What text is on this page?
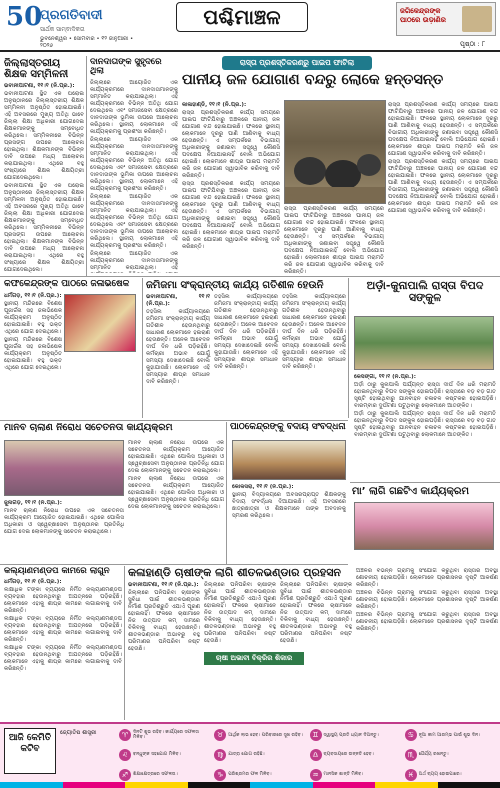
50
ପ୍ରଗତିବାଦୀ
ସାର୍ଥକ ସାମ୍ବାଦିକତା
ଭୁବନେଶ୍ୱର • ସୋମବାର • ୧୨ ଜାନୁଆରୀ • ୨୦୨୬
ପଶ୍ଚିମାଞ୍ଚଳ	ଜଗିକେନ୍ଦ୍ରଙ୍କ ପାଠରେ ଉଡ଼ାଣିର
ପୃଷ୍ଠା : ୮
ଜିଲ୍ଲାସ୍ତରୀୟ ଶିକ୍ଷକ ସମ୍ମିଳନୀ

ଭବାନୀପାଟଣା, ୧୧।୧ (ନି.ପ୍ର.):

ଭବାନୀପାଟଣା ସ୍ଥିତ ଏକ ଘରୋଇ ଅନୁଷ୍ଠାନରେ ଜିଲ୍ଲାସ୍ତରୀୟ ଶିକ୍ଷକ ସମ୍ମିଳନୀ ଅନୁଷ୍ଠିତ ହୋଇଯାଇଛି। ଏହି ଅବସରରେ ମୁଖ୍ୟ ଅତିଥି ଭାବେ ଜିଲ୍ଲା ଶିକ୍ଷା ଅଧିକାରୀ ଯୋଗଦେଇ ଶିକ୍ଷକମାନଙ୍କୁ ସମ୍ବୋଧିତ କରିଥିଲେ। ସମ୍ମିଳନୀରେ ବିଭିନ୍ନ ପ୍ରସଙ୍ଗ ଉପରେ ଆଲୋଚନା ହୋଇଥିଲା। ଶିକ୍ଷକମାନଙ୍କ ବିଭିନ୍ନ ଦାବି ଉପରେ ମଧ୍ୟ ଆଲୋଚନା କରାଯାଇଥିଲା। ଏଥିରେ ବହୁ ସଂଖ୍ୟାରେ ଶିକ୍ଷକ ଶିକ୍ଷୟିତ୍ରୀ ଯୋଗଦେଇଥିଲେ।

ଭବାନୀପାଟଣା ସ୍ଥିତ ଏକ ଘରୋଇ ଅନୁଷ୍ଠାନରେ ଜିଲ୍ଲାସ୍ତରୀୟ ଶିକ୍ଷକ ସମ୍ମିଳନୀ ଅନୁଷ୍ଠିତ ହୋଇଯାଇଛି। ଏହି ଅବସରରେ ମୁଖ୍ୟ ଅତିଥି ଭାବେ ଜିଲ୍ଲା ଶିକ୍ଷା ଅଧିକାରୀ ଯୋଗଦେଇ ଶିକ୍ଷକମାନଙ୍କୁ ସମ୍ବୋଧିତ କରିଥିଲେ। ସମ୍ମିଳନୀରେ ବିଭିନ୍ନ ପ୍ରସଙ୍ଗ ଉପରେ ଆଲୋଚନା ହୋଇଥିଲା। ଶିକ୍ଷକମାନଙ୍କ ବିଭିନ୍ନ ଦାବି ଉପରେ ମଧ୍ୟ ଆଲୋଚନା କରାଯାଇଥିଲା। ଏଥିରେ ବହୁ ସଂଖ୍ୟାରେ ଶିକ୍ଷକ ଶିକ୍ଷୟିତ୍ରୀ ଯୋଗଦେଇଥିଲେ।

ଦାନଦାତାଙ୍କ ସୁହୃଦରେ ଥିଲା

ଜିଲ୍ଲାରେ ଆୟୋଜିତ ଏକ କାର୍ଯ୍ୟକ୍ରମରେ ଦାନଦାତାମାନଙ୍କୁ ସମ୍ମାନିତ କରାଯାଇଥିଲା। ଏହି କାର୍ଯ୍ୟକ୍ରମରେ ବିଭିନ୍ନ ଅତିଥି ଯୋଗ ଦେଇଥିଲେ ଏବଂ ସମାଜସେବା କ୍ଷେତ୍ରରେ ଦାନଦାତାଙ୍କ ଭୂମିକା ଉପରେ ଆଲୋଚନା କରିଥିଲେ। ସ୍ଥାନୀୟ ଲୋକମାନେ ଏହି କାର୍ଯ୍ୟକ୍ରମକୁ ପ୍ରଶଂସା କରିଛନ୍ତି।

ଜିଲ୍ଲାରେ ଆୟୋଜିତ ଏକ କାର୍ଯ୍ୟକ୍ରମରେ ଦାନଦାତାମାନଙ୍କୁ ସମ୍ମାନିତ କରାଯାଇଥିଲା। ଏହି କାର୍ଯ୍ୟକ୍ରମରେ ବିଭିନ୍ନ ଅତିଥି ଯୋଗ ଦେଇଥିଲେ ଏବଂ ସମାଜସେବା କ୍ଷେତ୍ରରେ ଦାନଦାତାଙ୍କ ଭୂମିକା ଉପରେ ଆଲୋଚନା କରିଥିଲେ। ସ୍ଥାନୀୟ ଲୋକମାନେ ଏହି କାର୍ଯ୍ୟକ୍ରମକୁ ପ୍ରଶଂସା କରିଛନ୍ତି।

ଜିଲ୍ଲାରେ ଆୟୋଜିତ ଏକ କାର୍ଯ୍ୟକ୍ରମରେ ଦାନଦାତାମାନଙ୍କୁ ସମ୍ମାନିତ କରାଯାଇଥିଲା। ଏହି କାର୍ଯ୍ୟକ୍ରମରେ ବିଭିନ୍ନ ଅତିଥି ଯୋଗ ଦେଇଥିଲେ ଏବଂ ସମାଜସେବା କ୍ଷେତ୍ରରେ ଦାନଦାତାଙ୍କ ଭୂମିକା ଉପରେ ଆଲୋଚନା କରିଥିଲେ। ସ୍ଥାନୀୟ ଲୋକମାନେ ଏହି କାର୍ଯ୍ୟକ୍ରମକୁ ପ୍ରଶଂସା କରିଛନ୍ତି।

ଜିଲ୍ଲାରେ ଆୟୋଜିତ ଏକ କାର୍ଯ୍ୟକ୍ରମରେ ଦାନଦାତାମାନଙ୍କୁ ସମ୍ମାନିତ କରାଯାଇଥିଲା। ଏହି

ରାସ୍ତା ପ୍ରଶସ୍ତିକରଣରୁ ପାଇପ ଫାଟିଲା
ପାନୀୟ ଜଳ ଯୋଗାଣ ବନ୍ଦରୁ ଲୋକେ ହନ୍ତସନ୍ତ

କାଳାହାଣ୍ଡି, ୧୧।୧ (ନି.ପ୍ର.):

ରାସ୍ତା ପ୍ରଶସ୍ତିକରଣ କାର୍ଯ୍ୟ ସମୟରେ ପାଇପ ଫାଟିଯିବାରୁ ଅଞ୍ଚଳରେ ପାନୀୟ ଜଳ ଯୋଗାଣ ବନ୍ଦ ହୋଇଯାଇଛି। ଫଳରେ ସ୍ଥାନୀୟ ଲୋକମାନେ ଦୂରରୁ ପାଣି ଆଣିବାକୁ ବାଧ୍ୟ ହେଉଛନ୍ତି। ଏ ସମ୍ପର୍କରେ ବିଭାଗୀୟ ଅଧିକାରୀଙ୍କୁ ଜଣାଇବା ସତ୍ତ୍ୱେ କୌଣସି ପଦକ୍ଷେପ ନିଆଯାଇନାହିଁ ବୋଲି ଅଭିଯୋଗ ହୋଇଛି। ଲୋକମାନେ ଶୀଘ୍ର ପାଇପ ମରାମତି କରି ଜଳ ଯୋଗାଣ ସ୍ୱାଭାବିକ କରିବାକୁ ଦାବି କରିଛନ୍ତି।

ରାସ୍ତା ପ୍ରଶସ୍ତିକରଣ କାର୍ଯ୍ୟ ସମୟରେ ପାଇପ ଫାଟିଯିବାରୁ ଅଞ୍ଚଳରେ ପାନୀୟ ଜଳ ଯୋଗାଣ ବନ୍ଦ ହୋଇଯାଇଛି। ଫଳରେ ସ୍ଥାନୀୟ ଲୋକମାନେ ଦୂରରୁ ପାଣି ଆଣିବାକୁ ବାଧ୍ୟ ହେଉଛନ୍ତି। ଏ ସମ୍ପର୍କରେ ବିଭାଗୀୟ ଅଧିକାରୀଙ୍କୁ ଜଣାଇବା ସତ୍ତ୍ୱେ କୌଣସି ପଦକ୍ଷେପ ନିଆଯାଇନାହିଁ ବୋଲି ଅଭିଯୋଗ ହୋଇଛି। ଲୋକମାନେ ଶୀଘ୍ର ପାଇପ ମରାମତି କରି ଜଳ ଯୋଗାଣ ସ୍ୱାଭାବିକ କରିବାକୁ ଦାବି କରିଛନ୍ତି।

ରାସ୍ତା ପ୍ରଶସ୍ତିକରଣ କାର୍ଯ୍ୟ ସମୟରେ ପାଇପ ଫାଟିଯିବାରୁ ଅଞ୍ଚଳରେ ପାନୀୟ ଜଳ ଯୋଗାଣ ବନ୍ଦ ହୋଇଯାଇଛି। ଫଳରେ ସ୍ଥାନୀୟ ଲୋକମାନେ ଦୂରରୁ ପାଣି ଆଣିବାକୁ ବାଧ୍ୟ ହେଉଛନ୍ତି। ଏ ସମ୍ପର୍କରେ ବିଭାଗୀୟ ଅଧିକାରୀଙ୍କୁ ଜଣାଇବା ସତ୍ତ୍ୱେ କୌଣସି ପଦକ୍ଷେପ ନିଆଯାଇନାହିଁ ବୋଲି ଅଭିଯୋଗ ହୋଇଛି। ଲୋକମାନେ ଶୀଘ୍ର ପାଇପ ମରାମତି କରି ଜଳ ଯୋଗାଣ ସ୍ୱାଭାବିକ କରିବାକୁ ଦାବି କରିଛନ୍ତି।

ରାସ୍ତା ପ୍ରଶସ୍ତିକରଣ କାର୍ଯ୍ୟ ସମୟରେ ପାଇପ ଫାଟିଯିବାରୁ ଅଞ୍ଚଳରେ ପାନୀୟ ଜଳ ଯୋଗାଣ ବନ୍ଦ ହୋଇଯାଇଛି। ଫଳରେ ସ୍ଥାନୀୟ ଲୋକମାନେ ଦୂରରୁ ପାଣି ଆଣିବାକୁ ବାଧ୍ୟ ହେଉଛନ୍ତି। ଏ ସମ୍ପର୍କରେ ବିଭାଗୀୟ ଅଧିକାରୀଙ୍କୁ ଜଣାଇବା ସତ୍ତ୍ୱେ କୌଣସି ପଦକ୍ଷେପ ନିଆଯାଇନାହିଁ ବୋଲି ଅଭିଯୋଗ ହୋଇଛି। ଲୋକମାନେ ଶୀଘ୍ର ପାଇପ ମରାମତି କରି ଜଳ ଯୋଗାଣ ସ୍ୱାଭାବିକ କରିବାକୁ ଦାବି କରିଛନ୍ତି।

ରାସ୍ତା ପ୍ରଶସ୍ତିକରଣ କାର୍ଯ୍ୟ ସମୟରେ ପାଇପ ଫାଟିଯିବାରୁ ଅଞ୍ଚଳରେ ପାନୀୟ ଜଳ ଯୋଗାଣ ବନ୍ଦ ହୋଇଯାଇଛି। ଫଳରେ ସ୍ଥାନୀୟ ଲୋକମାନେ ଦୂରରୁ ପାଣି ଆଣିବାକୁ ବାଧ୍ୟ ହେଉଛନ୍ତି। ଏ ସମ୍ପର୍କରେ ବିଭାଗୀୟ ଅଧିକାରୀଙ୍କୁ ଜଣାଇବା ସତ୍ତ୍ୱେ କୌଣସି ପଦକ୍ଷେପ ନିଆଯାଇନାହିଁ ବୋଲି ଅଭିଯୋଗ ହୋଇଛି। ଲୋକମାନେ ଶୀଘ୍ର ପାଇପ ମରାମତି କରି ଜଳ ଯୋଗାଣ ସ୍ୱାଭାବିକ କରିବାକୁ ଦାବି କରିଛନ୍ତି।

କଫିକେନ୍ଦ୍ରଙ୍କ ପାଠରେ ଜଳାଭିଷେକ

ଧର୍ମଗଡ଼, ୧୧।୧ (ନି.ପ୍ର.):

ସ୍ଥାନୀୟ ମନ୍ଦିରରେ ବିଶେଷ ପୂଜାର୍ଚ୍ଚନା ସହ ଜଳାଭିଷେକ କାର୍ଯ୍ୟକ୍ରମ ଅନୁଷ୍ଠିତ ହୋଇଯାଇଛି। ବହୁ ଭକ୍ତ ଏଥିରେ ଯୋଗ ଦେଇଥିଲେ।

ସ୍ଥାନୀୟ ମନ୍ଦିରରେ ବିଶେଷ ପୂଜାର୍ଚ୍ଚନା ସହ ଜଳାଭିଷେକ କାର୍ଯ୍ୟକ୍ରମ ଅନୁଷ୍ଠିତ ହୋଇଯାଇଛି। ବହୁ ଭକ୍ତ ଏଥିରେ ଯୋଗ ଦେଇଥିଲେ।

ଜମିଜମା ସଂକ୍ରାନ୍ତୀୟ କାର୍ଯ୍ୟ ଗତିଶୀଳ ହେଉନି

ଭବାନୀପାଟଣା, ୧୧।୧ (ନି.ପ୍ର.):

ତହସିଲ କାର୍ଯ୍ୟାଳୟରେ ଜମିଜମା ସଂକ୍ରାନ୍ତୀୟ କାର୍ଯ୍ୟ ଗତିଶୀଳ ହେଉନଥିବାରୁ ସାଧାରଣ ଲୋକମାନେ ହଇରାଣ ହେଉଛନ୍ତି। ଅନେକ ଆବେଦନ ଦୀର୍ଘ ଦିନ ଧରି ପଡ଼ିରହିଛି। କର୍ମଚାରୀ ଅଭାବ ଯୋଗୁଁ ସମସ୍ୟା ଦେଖାଦେଇଛି ବୋଲି କୁହାଯାଉଛି। ଲୋକମାନେ ଏହି ସମସ୍ୟାର ଶୀଘ୍ର ସମାଧାନ ଦାବି କରିଛନ୍ତି।

ତହସିଲ କାର୍ଯ୍ୟାଳୟରେ ଜମିଜମା ସଂକ୍ରାନ୍ତୀୟ କାର୍ଯ୍ୟ ଗତିଶୀଳ ହେଉନଥିବାରୁ ସାଧାରଣ ଲୋକମାନେ ହଇରାଣ ହେଉଛନ୍ତି। ଅନେକ ଆବେଦନ ଦୀର୍ଘ ଦିନ ଧରି ପଡ଼ିରହିଛି। କର୍ମଚାରୀ ଅଭାବ ଯୋଗୁଁ ସମସ୍ୟା ଦେଖାଦେଇଛି ବୋଲି କୁହାଯାଉଛି। ଲୋକମାନେ ଏହି ସମସ୍ୟାର ଶୀଘ୍ର ସମାଧାନ ଦାବି କରିଛନ୍ତି।

ତହସିଲ କାର୍ଯ୍ୟାଳୟରେ ଜମିଜମା ସଂକ୍ରାନ୍ତୀୟ କାର୍ଯ୍ୟ ଗତିଶୀଳ ହେଉନଥିବାରୁ ସାଧାରଣ ଲୋକମାନେ ହଇରାଣ ହେଉଛନ୍ତି। ଅନେକ ଆବେଦନ ଦୀର୍ଘ ଦିନ ଧରି ପଡ଼ିରହିଛି। କର୍ମଚାରୀ ଅଭାବ ଯୋଗୁଁ ସମସ୍ୟା ଦେଖାଦେଇଛି ବୋଲି କୁହାଯାଉଛି। ଲୋକମାନେ ଏହି ସମସ୍ୟାର ଶୀଘ୍ର ସମାଧାନ ଦାବି କରିଛନ୍ତି।

ଅର୍ଡ଼ା-କୁନାପାଲି ରାସ୍ତା ବିପଦ ସଙ୍କୁଳ

କେସିଙ୍ଗା, ୧୧।୧ (ନି.ପ୍ର.):

ଅର୍ଡ଼ା ଠାରୁ କୁନାପାଲି ପର୍ଯ୍ୟନ୍ତ ରାସ୍ତା ଦୀର୍ଘ ଦିନ ଧରି ମରାମତି ହୋଇନଥିବାରୁ ବିପଦ ସଙ୍କୁଳ ହୋଇପଡ଼ିଛି। ରାସ୍ତାରେ ବଡ଼ ବଡ଼ ଗାତ ସୃଷ୍ଟି ହୋଇଥିବାରୁ ଯାନବାହନ ଚଳାଚଳ କଷ୍ଟକର ହୋଇପଡ଼ିଛି। ବାରମ୍ବାର ଦୁର୍ଘଟଣା ଘଟୁଥିବାରୁ ଲୋକମାନେ ଆତଙ୍କିତ।

ଅର୍ଡ଼ା ଠାରୁ କୁନାପାଲି ପର୍ଯ୍ୟନ୍ତ ରାସ୍ତା ଦୀର୍ଘ ଦିନ ଧରି ମରାମତି ହୋଇନଥିବାରୁ ବିପଦ ସଙ୍କୁଳ ହୋଇପଡ଼ିଛି। ରାସ୍ତାରେ ବଡ଼ ବଡ଼ ଗାତ ସୃଷ୍ଟି ହୋଇଥିବାରୁ ଯାନବାହନ ଚଳାଚଳ କଷ୍ଟକର ହୋଇପଡ଼ିଛି। ବାରମ୍ବାର ଦୁର୍ଘଟଣା ଘଟୁଥିବାରୁ ଲୋକମାନେ ଆତଙ୍କିତ।

ମାନବ ଚାଲାଣ ନିରୋଧ ସଚେତନତା କାର୍ଯ୍ୟକ୍ରମ

ମାନବ ଚାଲାଣ ନିରୋଧ ଉପରେ ଏକ ସଚେତନତା କାର୍ଯ୍ୟକ୍ରମ ଆୟୋଜିତ ହୋଇଯାଇଛି। ଏଥିରେ ପୋଲିସ ଅଧିକାରୀ ଓ ସ୍ୱେଚ୍ଛାସେବୀ ଅନୁଷ୍ଠାନର ପ୍ରତିନିଧି ଯୋଗ ଦେଇ ଲୋକମାନଙ୍କୁ ସଚେତନ କରାଇଥିଲେ।

ମାନବ ଚାଲାଣ ନିରୋଧ ଉପରେ ଏକ ସଚେତନତା କାର୍ଯ୍ୟକ୍ରମ ଆୟୋଜିତ ହୋଇଯାଇଛି। ଏଥିରେ ପୋଲିସ ଅଧିକାରୀ ଓ ସ୍ୱେଚ୍ଛାସେବୀ ଅନୁଷ୍ଠାନର ପ୍ରତିନିଧି ଯୋଗ ଦେଇ ଲୋକମାନଙ୍କୁ ସଚେତନ କରାଇଥିଲେ।

ଜୁନାଗଡ଼, ୧୧।୧ (ନି.ପ୍ର.):

ମାନବ ଚାଲାଣ ନିରୋଧ ଉପରେ ଏକ ସଚେତନତା କାର୍ଯ୍ୟକ୍ରମ ଆୟୋଜିତ ହୋଇଯାଇଛି। ଏଥିରେ ପୋଲିସ ଅଧିକାରୀ ଓ ସ୍ୱେଚ୍ଛାସେବୀ ଅନୁଷ୍ଠାନର ପ୍ରତିନିଧି ଯୋଗ ଦେଇ ଲୋକମାନଙ୍କୁ ସଚେତନ କରାଇଥିଲେ।

ପାଠକେନ୍ଦ୍ରଙ୍କୁ ବିଦାୟ ସଂବର୍ଦ୍ଧନା

କୋକସରା, ୧୧।୧ (ନି.ପ୍ର.):

ସ୍ଥାନୀୟ ବିଦ୍ୟାଳୟରେ ଅବସରପ୍ରାପ୍ତ ଶିକ୍ଷକଙ୍କୁ ବିଦାୟ ସଂବର୍ଦ୍ଧନା ଦିଆଯାଇଛି। ଏହି ଅବସରରେ ଛାତ୍ରଛାତ୍ରୀ ଓ ଶିକ୍ଷକମାନେ ତାଙ୍କ ଅବଦାନକୁ ସ୍ମରଣ କରିଥିଲେ।

ମା’ ଲାଗି ଗଛଟିଏ କାର୍ଯ୍ୟକ୍ରମ
କଲ୍ୟାଣମଣ୍ଡପ କାମରେ ଲାଗୁନି

ଧର୍ମଗଡ଼, ୧୧।୧ (ନି.ପ୍ର.):

ଲକ୍ଷାଧିକ ଟଙ୍କା ବ୍ୟୟରେ ନିର୍ମିତ କଲ୍ୟାଣମଣ୍ଡପ ବ୍ୟବହାର ହେଉନଥିବାରୁ ଅଯତ୍ନରେ ପଡ଼ିରହିଛି। ଲୋକମାନେ ଏହାକୁ ଶୀଘ୍ର କାମରେ ଲଗାଇବାକୁ ଦାବି କରିଛନ୍ତି।

ଲକ୍ଷାଧିକ ଟଙ୍କା ବ୍ୟୟରେ ନିର୍ମିତ କଲ୍ୟାଣମଣ୍ଡପ ବ୍ୟବହାର ହେଉନଥିବାରୁ ଅଯତ୍ନରେ ପଡ଼ିରହିଛି। ଲୋକମାନେ ଏହାକୁ ଶୀଘ୍ର କାମରେ ଲଗାଇବାକୁ ଦାବି କରିଛନ୍ତି।

ଲକ୍ଷାଧିକ ଟଙ୍କା ବ୍ୟୟରେ ନିର୍ମିତ କଲ୍ୟାଣମଣ୍ଡପ ବ୍ୟବହାର ହେଉନଥିବାରୁ ଅଯତ୍ନରେ ପଡ଼ିରହିଛି। ଲୋକମାନେ ଏହାକୁ ଶୀଘ୍ର କାମରେ ଲଗାଇବାକୁ ଦାବି କରିଛନ୍ତି।

କଳାହାଣ୍ଡି ଚାଷୀଙ୍କ ଲାଗି ଶୀତଳଭଣ୍ଡାର ପ୍ରହସନ

ଭବାନୀପାଟଣା, ୧୧।୧ (ନି.ପ୍ର.):

ଜିଲ୍ଲାରେ ପନିପରିବା ଚାଷୀଙ୍କ ସୁବିଧା ପାଇଁ ଶୀତଳଭଣ୍ଡାର ନିର୍ମାଣ ପ୍ରତିଶ୍ରୁତି ଏଯାଏଁ ପୂରଣ ହୋଇନାହିଁ। ଫଳରେ ଚାଷୀମାନେ ନିଜ ଉତ୍ପାଦ କମ୍ ଦାମରେ ବିକିବାକୁ ବାଧ୍ୟ ହେଉଛନ୍ତି। ଶୀତଳଭଣ୍ଡାର ଅଭାବରୁ ବହୁ ପରିମାଣର ପନିପରିବା ନଷ୍ଟ ହେଉଛି।

ଜିଲ୍ଲାରେ ପନିପରିବା ଚାଷୀଙ୍କ ସୁବିଧା ପାଇଁ ଶୀତଳଭଣ୍ଡାର ନିର୍ମାଣ ପ୍ରତିଶ୍ରୁତି ଏଯାଏଁ ପୂରଣ ହୋଇନାହିଁ। ଫଳରେ ଚାଷୀମାନେ ନିଜ ଉତ୍ପାଦ କମ୍ ଦାମରେ ବିକିବାକୁ ବାଧ୍ୟ ହେଉଛନ୍ତି। ଶୀତଳଭଣ୍ଡାର ଅଭାବରୁ ବହୁ ପରିମାଣର ପନିପରିବା ନଷ୍ଟ ହେଉଛି।

ଜିଲ୍ଲାରେ ପନିପରିବା ଚାଷୀଙ୍କ ସୁବିଧା ପାଇଁ ଶୀତଳଭଣ୍ଡାର ନିର୍ମାଣ ପ୍ରତିଶ୍ରୁତି ଏଯାଏଁ ପୂରଣ ହୋଇନାହିଁ। ଫଳରେ ଚାଷୀମାନେ ନିଜ ଉତ୍ପାଦ କମ୍ ଦାମରେ ବିକିବାକୁ ବାଧ୍ୟ ହେଉଛନ୍ତି। ଶୀତଳଭଣ୍ଡାର ଅଭାବରୁ ବହୁ ପରିମାଣର ପନିପରିବା ନଷ୍ଟ ହେଉଛି।

ଚାଷୀ ଅଭାବୀ ବିକ୍ରିର ଶିକାର

ଅଞ୍ଚଳର ବିଭିନ୍ନ ଗ୍ରାମକୁ ସଂଯୋଗ କରୁଥିବା ରାସ୍ତାର ଅବସ୍ଥା ଶୋଚନୀୟ ହୋଇପଡ଼ିଛି। ଲୋକମାନେ ପ୍ରଶାସନର ଦୃଷ୍ଟି ଆକର୍ଷଣ କରିଛନ୍ତି।

ଅଞ୍ଚଳର ବିଭିନ୍ନ ଗ୍ରାମକୁ ସଂଯୋଗ କରୁଥିବା ରାସ୍ତାର ଅବସ୍ଥା ଶୋଚନୀୟ ହୋଇପଡ଼ିଛି। ଲୋକମାନେ ପ୍ରଶାସନର ଦୃଷ୍ଟି ଆକର୍ଷଣ କରିଛନ୍ତି।

ଅଞ୍ଚଳର ବିଭିନ୍ନ ଗ୍ରାମକୁ ସଂଯୋଗ କରୁଥିବା ରାସ୍ତାର ଅବସ୍ଥା ଶୋଚନୀୟ ହୋଇପଡ଼ିଛି। ଲୋକମାନେ ପ୍ରଶାସନର ଦୃଷ୍ଟି ଆକର୍ଷଣ କରିଛନ୍ତି।

ଆଜି କେମିତି କଟିବ
ଜ୍ୟୋତିଷ ଶାସ୍ତ୍ରୀ	♈	ଦିନଟି ଶୁଭ ରହିବ। କାର୍ଯ୍ୟରେ ସଫଳତା ମିଳିବ।	♉	ଆର୍ଥିକ ଲାଭ ହେବ। ପରିବାରରେ ସୁଖ ରହିବ।	♊	ସ୍ୱାସ୍ଥ୍ୟ ପ୍ରତି ଧ୍ୟାନ ଦିଅନ୍ତୁ।	♋	ନୂଆ କାମ ଆରମ୍ଭ ପାଇଁ ଶୁଭ ଦିନ।
♌	ବନ୍ଧୁଙ୍କ ସହଯୋଗ ମିଳିବ।	♍	ଯାତ୍ରା ଯୋଗ ରହିଛି।	♎	ବ୍ୟବସାୟରେ ଉନ୍ନତି ହେବ।	♏	ଧୈର୍ଯ୍ୟ ରଖନ୍ତୁ।
♐	ଶିକ୍ଷାକ୍ଷେତ୍ରରେ ସଫଳତା।	♑	ପରିଶ୍ରମର ଫଳ ମିଳିବ।	♒	ମାନସିକ ଶାନ୍ତି ମିଳିବ।	♓	ଅର୍ଥ ବ୍ୟୟ ହୋଇପାରେ।
